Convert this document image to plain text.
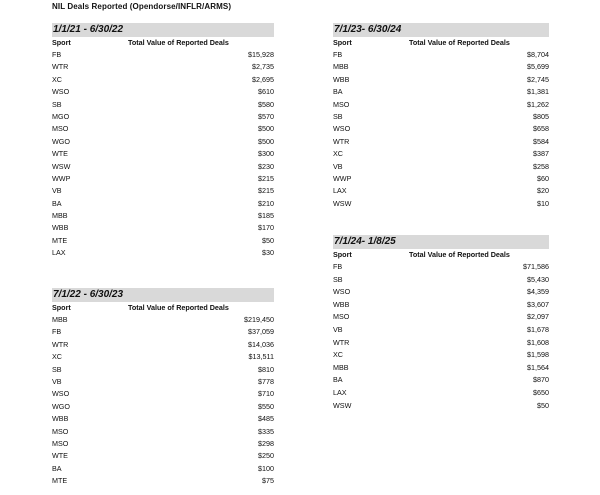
NIL Deals Reported (Opendorse/INFLR/ARMS)
1/1/21 - 6/30/22
Sport	Total Value of Reported Deals
FB	$15,928
WTR	$2,735
XC	$2,695
WSO	$610
SB	$580
MGO	$570
MSO	$500
WGO	$500
WTE	$300
WSW	$230
WWP	$215
VB	$215
BA	$210
MBB	$185
WBB	$170
MTE	$50
LAX	$30
7/1/22 - 6/30/23
Sport	Total Value of Reported Deals
MBB	$219,450
FB	$37,059
WTR	$14,036
XC	$13,511
SB	$810
VB	$778
WSO	$710
WGO	$550
WBB	$485
MSO	$335
MSO	$298
WTE	$250
BA	$100
MTE	$75
7/1/23- 6/30/24
Sport	Total Value of Reported Deals
FB	$8,704
MBB	$5,699
WBB	$2,745
BA	$1,381
MSO	$1,262
SB	$805
WSO	$658
WTR	$584
XC	$387
VB	$258
WWP	$60
LAX	$20
WSW	$10
7/1/24- 1/8/25
Sport	Total Value of Reported Deals
FB	$71,586
SB	$5,430
WSO	$4,359
WBB	$3,607
MSO	$2,097
VB	$1,678
WTR	$1,608
XC	$1,598
MBB	$1,564
BA	$870
LAX	$650
WSW	$50
